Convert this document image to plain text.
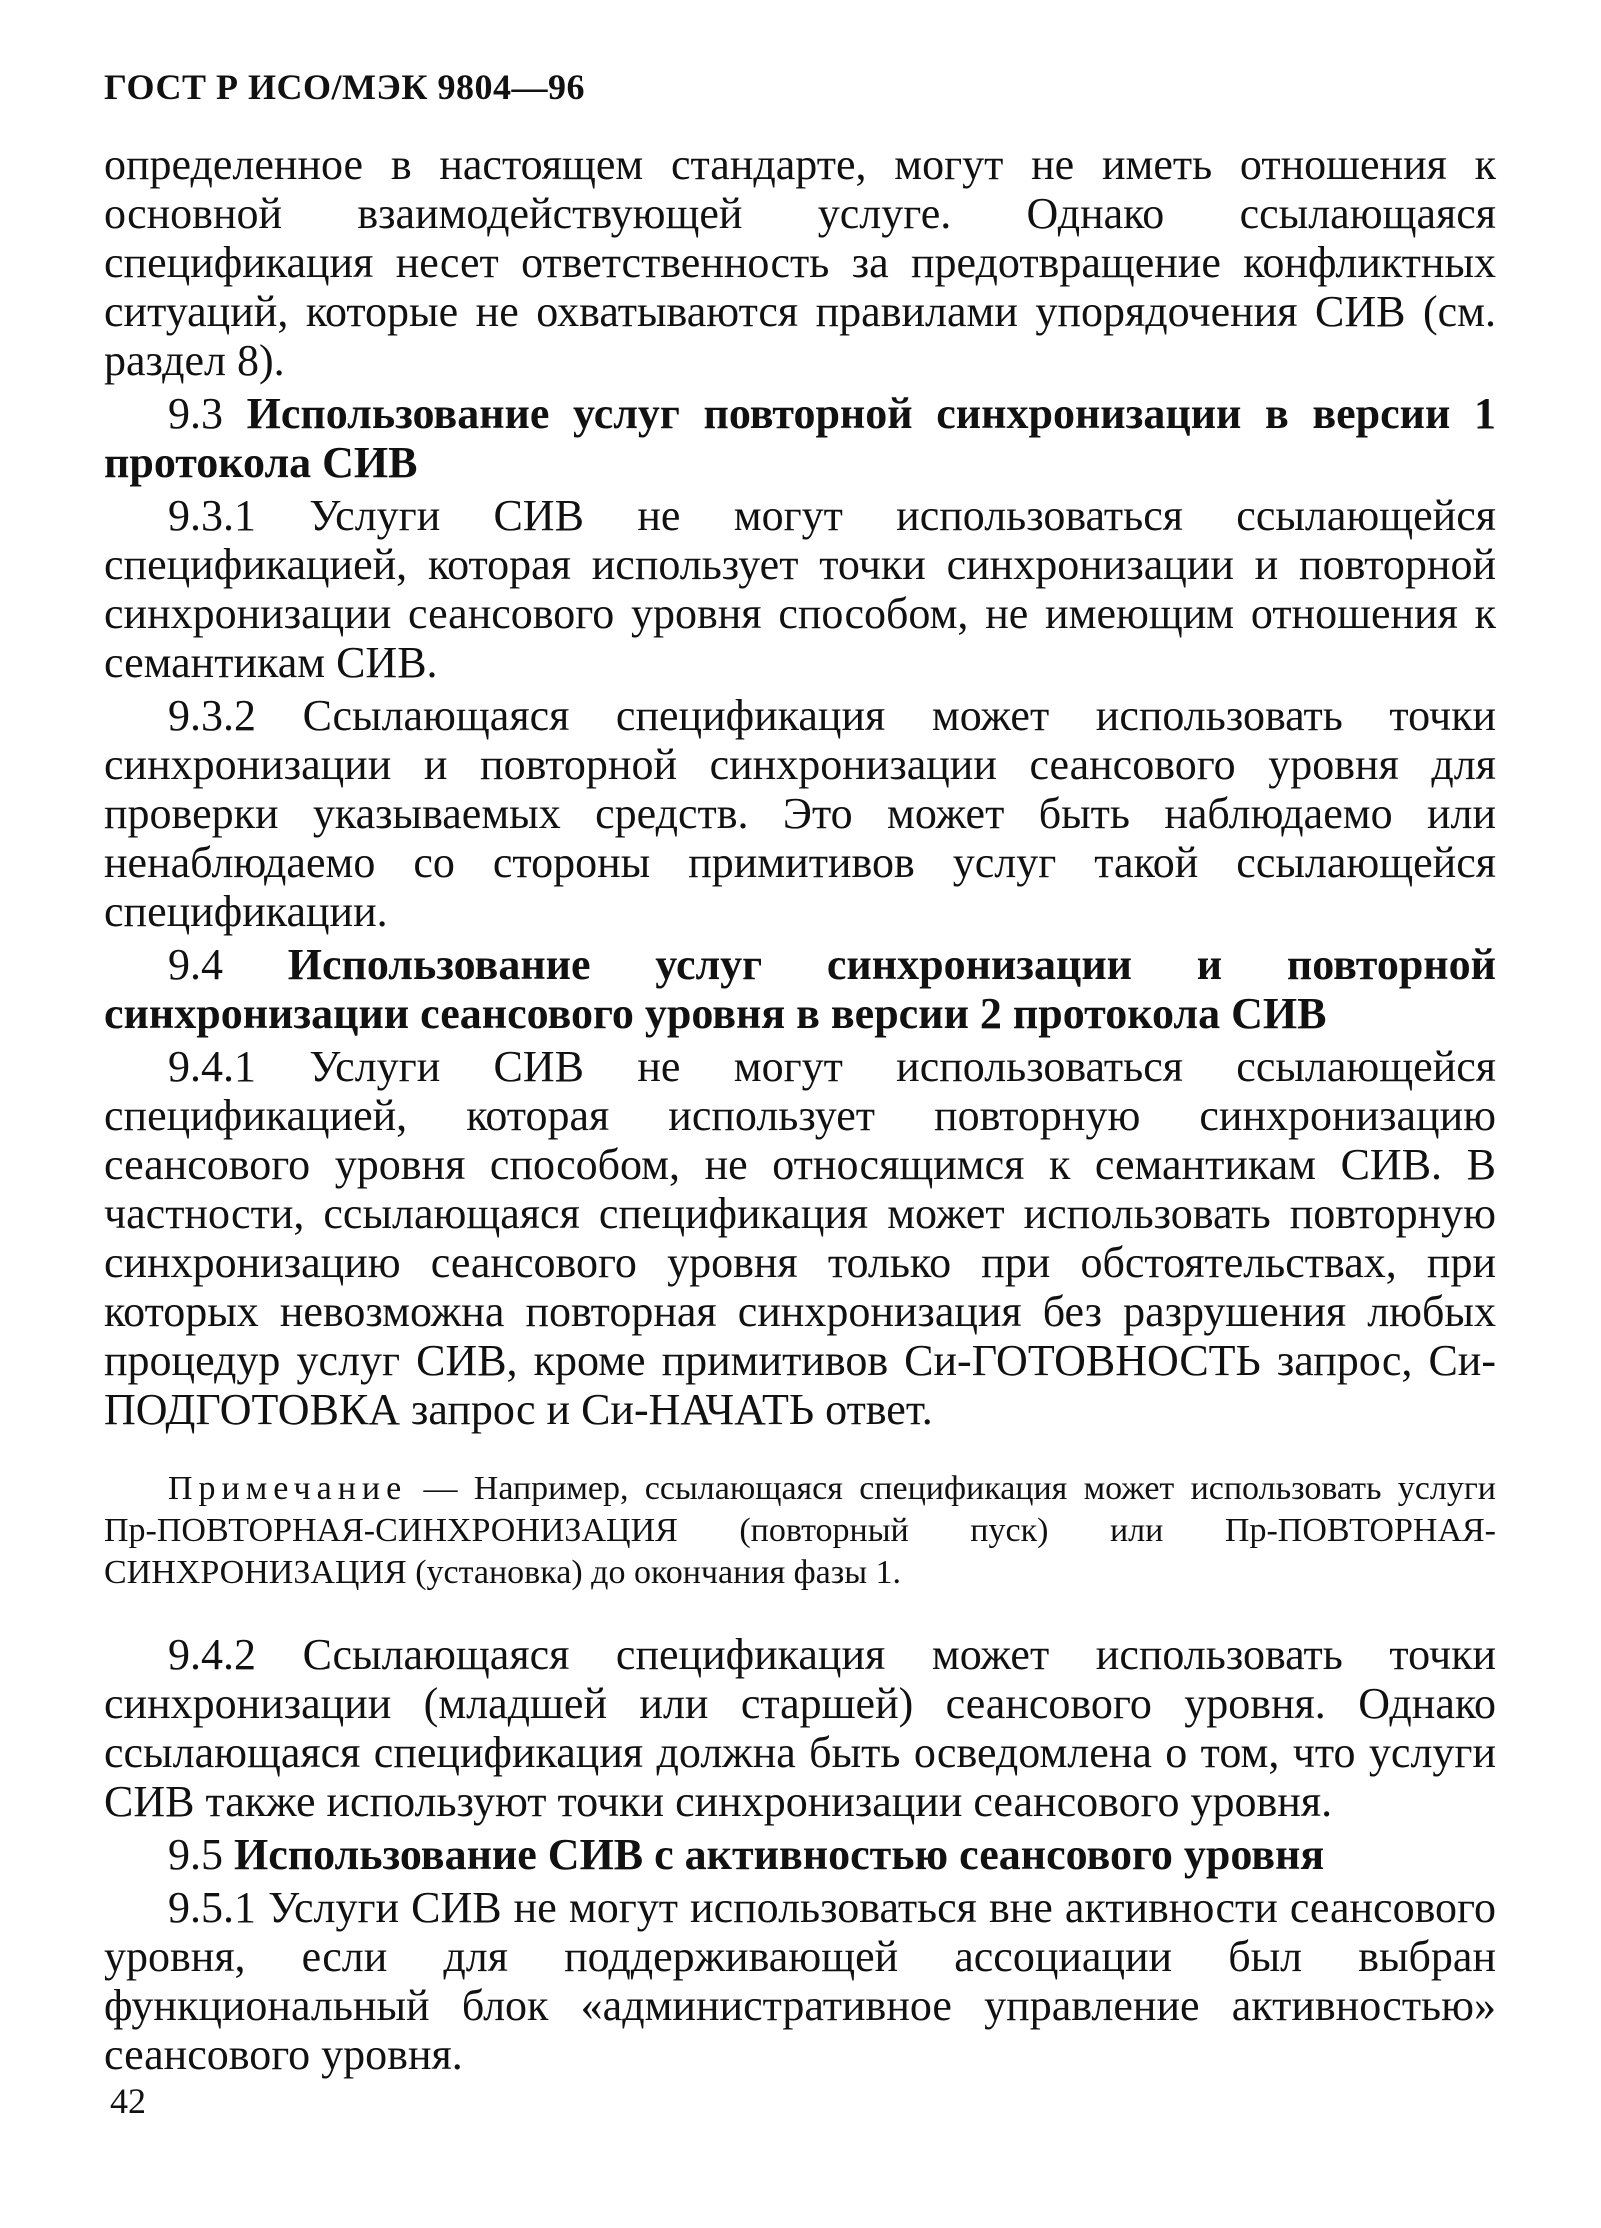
ГОСТ Р ИСО/МЭК 9804—96

определенное в настоящем стандарте, могут не иметь отношения к основной взаимодействующей услуге. Однако ссылающаяся спецификация несет ответственность за предотвращение конфликтных ситуаций, которые не охватываются правилами упорядочения СИВ (см. раздел 8).

9.3 Использование услуг повторной синхронизации в версии 1 протокола СИВ

9.3.1 Услуги СИВ не могут использоваться ссылающейся спецификацией, которая использует точки синхронизации и повторной синхронизации сеансового уровня способом, не имеющим отношения к семантикам СИВ.

9.3.2 Ссылающаяся спецификация может использовать точки синхронизации и повторной синхронизации сеансового уровня для проверки указываемых средств. Это может быть наблюдаемо или ненаблюдаемо со стороны примитивов услуг такой ссылающейся спецификации.

9.4 Использование услуг синхронизации и повторной синхронизации сеансового уровня в версии 2 протокола СИВ

9.4.1 Услуги СИВ не могут использоваться ссылающейся спецификацией, которая использует повторную синхронизацию сеансового уровня способом, не относящимся к семантикам СИВ. В частности, ссылающаяся спецификация может использовать повторную синхронизацию сеансового уровня только при обстоятельствах, при которых невозможна повторная синхронизация без разрушения любых процедур услуг СИВ, кроме примитивов Си-ГОТОВНОСТЬ запрос, Си-ПОДГОТОВКА запрос и Си-НАЧАТЬ ответ.

Примечание — Например, ссылающаяся спецификация может использовать услуги Пр-ПОВТОРНАЯ-СИНХРОНИЗАЦИЯ (повторный пуск) или Пр-ПОВТОРНАЯ-СИНХРОНИЗАЦИЯ (установка) до окончания фазы 1.

9.4.2 Ссылающаяся спецификация может использовать точки синхронизации (младшей или старшей) сеансового уровня. Однако ссылающаяся спецификация должна быть осведомлена о том, что услуги СИВ также используют точки синхронизации сеансового уровня.

9.5 Использование СИВ с активностью сеансового уровня

9.5.1 Услуги СИВ не могут использоваться вне активности сеансового уровня, если для поддерживающей ассоциации был выбран функциональный блок «административное управление активностью» сеансового уровня.

42
